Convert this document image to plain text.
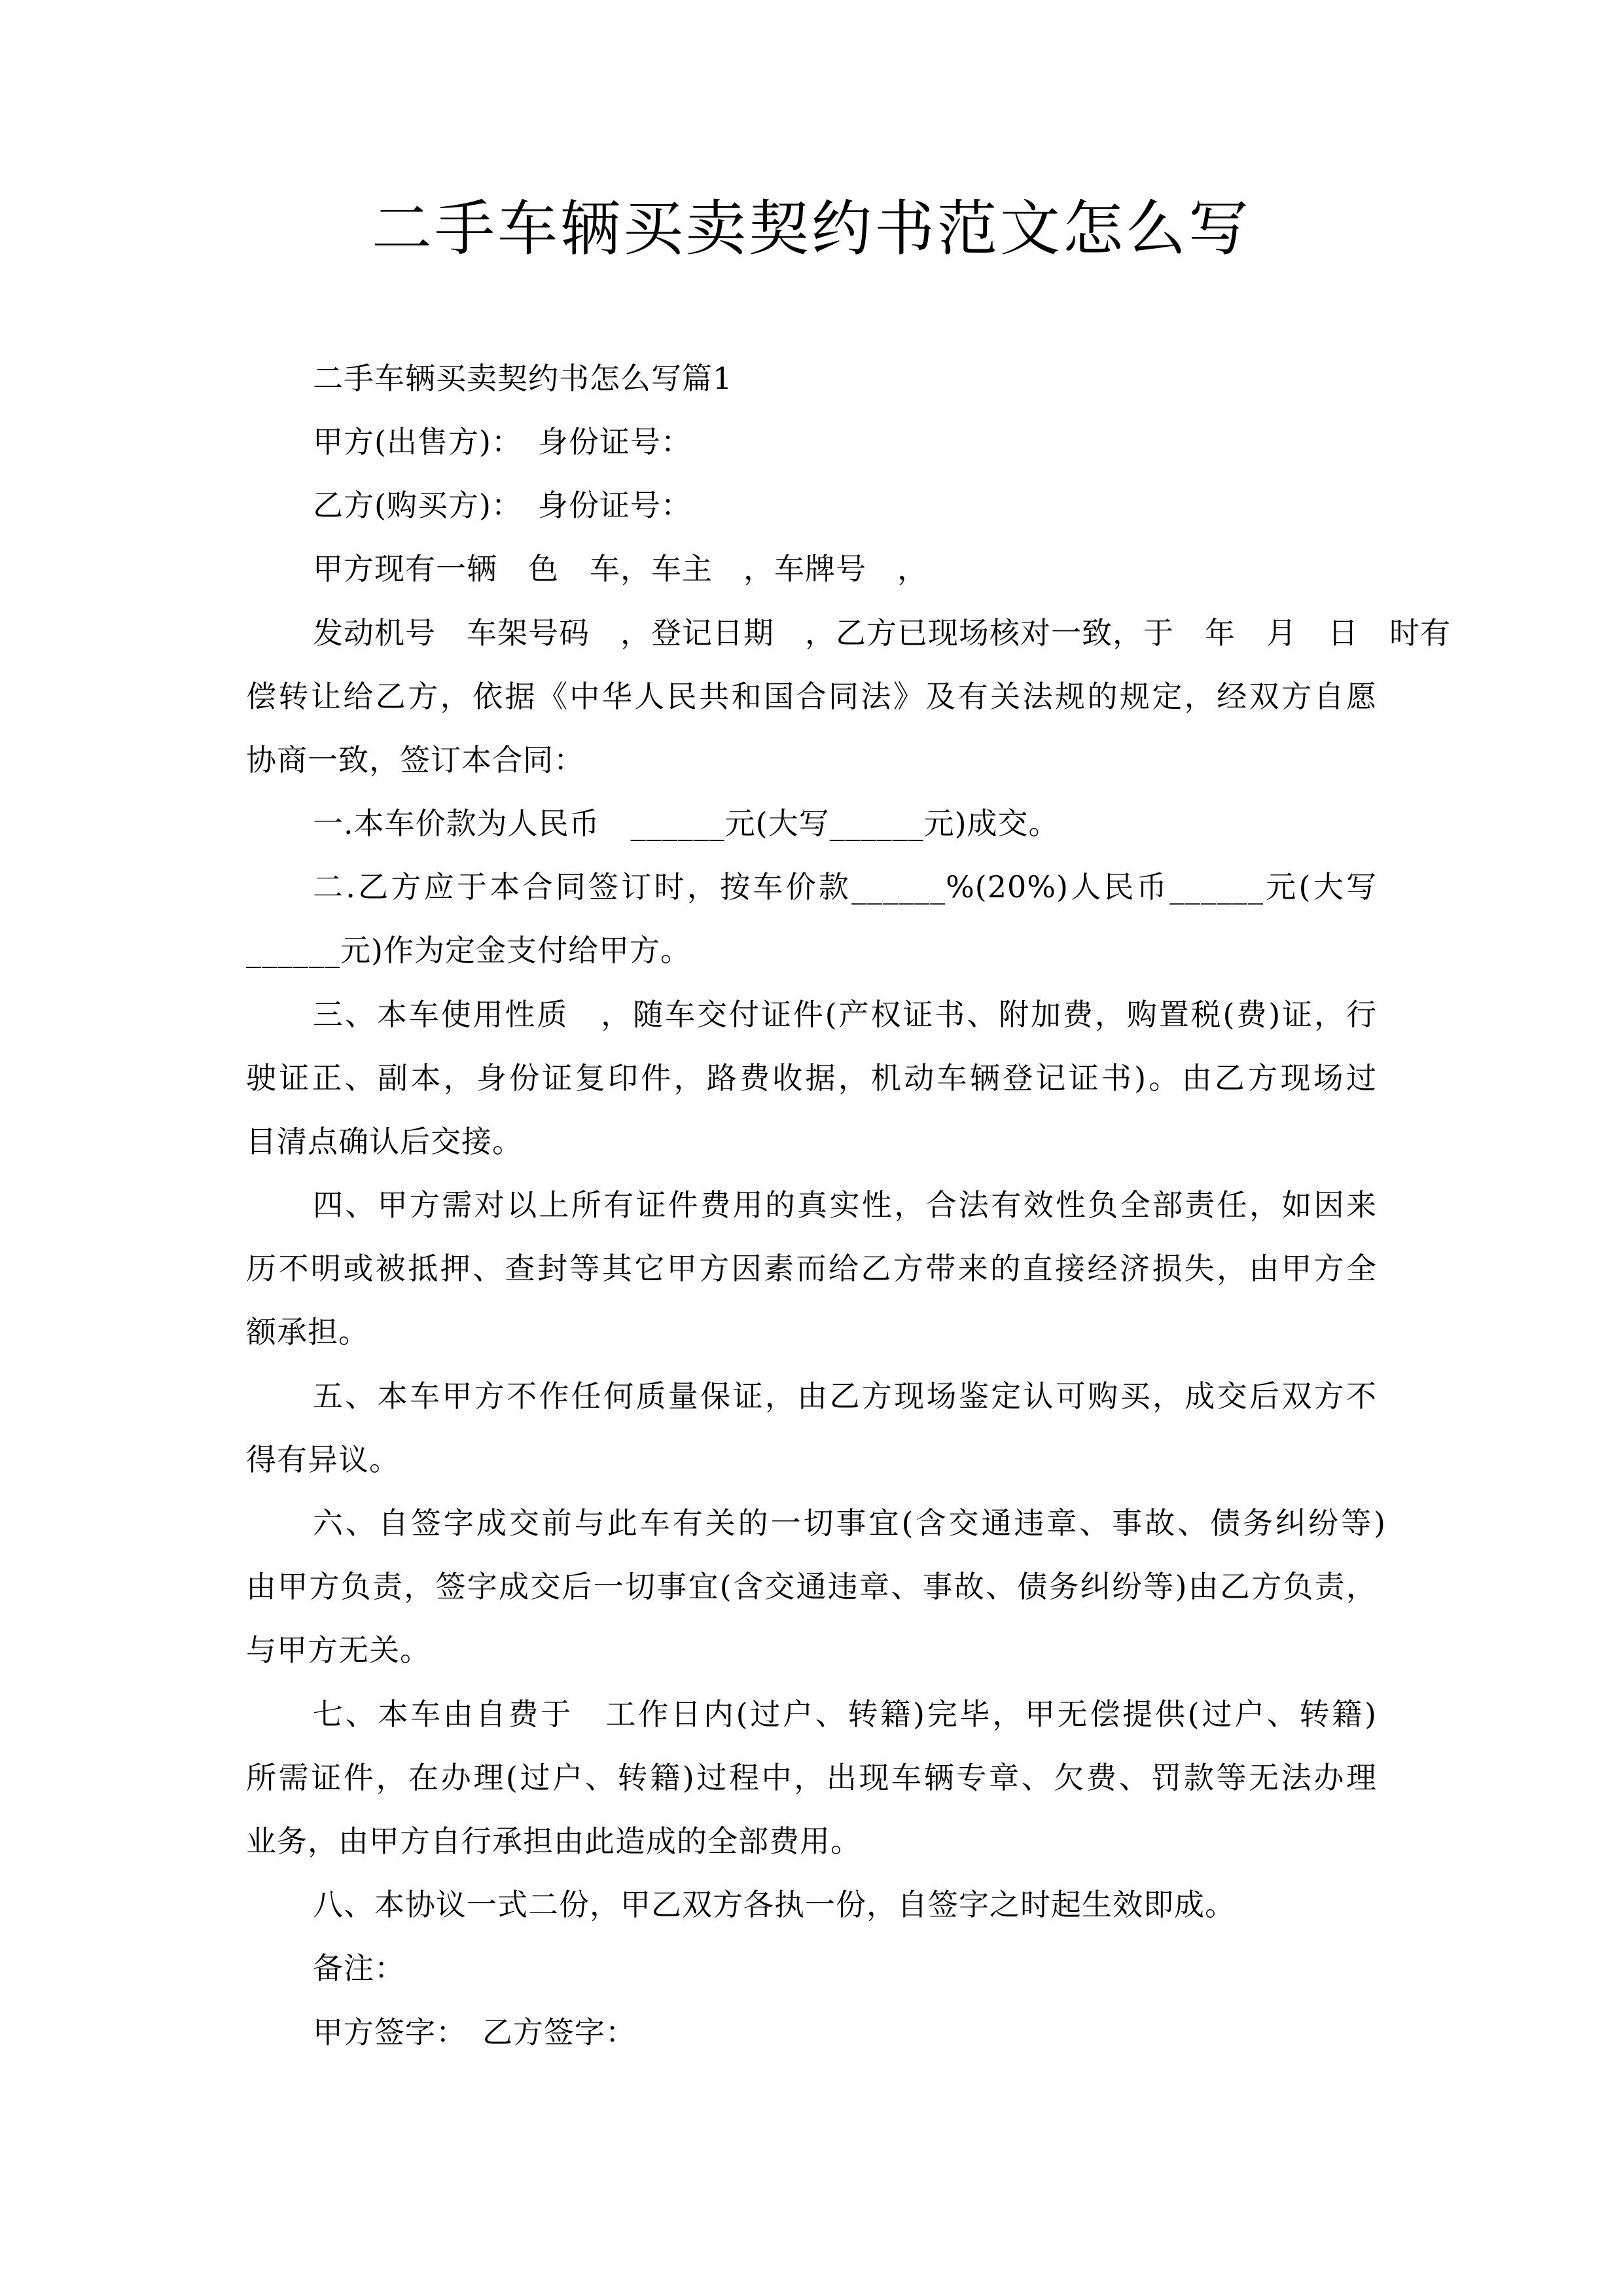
二手车辆买卖契约书范文怎么写
二手车辆买卖契约书怎么写篇1
甲方(出售方)：　身份证号：
乙方(购买方)：　身份证号：
甲方现有一辆　色　车，车主　，车牌号　，
发动机号　车架号码　，登记日期　，乙方已现场核对一致，于　年　月　日　时有
偿转让给乙方，依据《中华人民共和国合同法》及有关法规的规定，经双方自愿
协商一致，签订本合同：
一.本车价款为人民币　______元(大写______元)成交。
二.乙方应于本合同签订时，按车价款______%(20%)人民币______元(大写
______元)作为定金支付给甲方。
三、本车使用性质　，随车交付证件(产权证书、附加费，购置税(费)证，行
驶证正、副本，身份证复印件，路费收据，机动车辆登记证书)。由乙方现场过
目清点确认后交接。
四、甲方需对以上所有证件费用的真实性，合法有效性负全部责任，如因来
历不明或被抵押、查封等其它甲方因素而给乙方带来的直接经济损失，由甲方全
额承担。
五、本车甲方不作任何质量保证，由乙方现场鉴定认可购买，成交后双方不
得有异议。
六、自签字成交前与此车有关的一切事宜(含交通违章、事故、债务纠纷等)
由甲方负责，签字成交后一切事宜(含交通违章、事故、债务纠纷等)由乙方负责，
与甲方无关。
七、本车由自费于　工作日内(过户、转籍)完毕，甲无偿提供(过户、转籍)
所需证件，在办理(过户、转籍)过程中，出现车辆专章、欠费、罚款等无法办理
业务，由甲方自行承担由此造成的全部费用。
八、本协议一式二份，甲乙双方各执一份，自签字之时起生效即成。
备注：
甲方签字：　乙方签字：
